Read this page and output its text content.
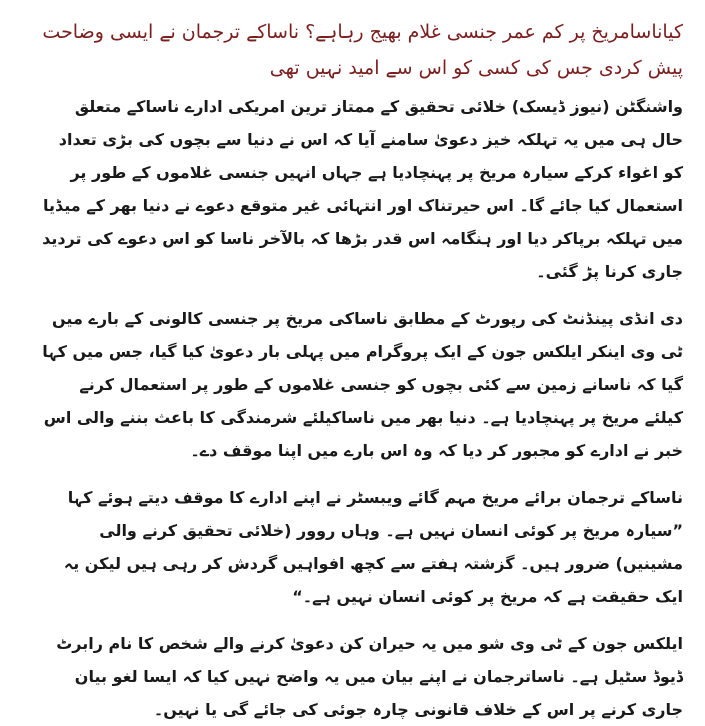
کیاناسامریخ پر کم عمر جنسی غلام بھیج رہاہے؟ ناساکے ترجمان نے ایسی وضاحت پیش کردی جس کی کسی کو اس سے امید نہیں تھی

واشنگٹن (نیوز ڈیسک) خلائی تحقیق کے ممتاز ترین امریکی ادارے ناساکے متعلق حال ہی میں یہ تہلکہ خیز دعویٰ سامنے آیا کہ اس نے دنیا سے بچوں کی بڑی تعداد کو اغواء کرکے سیارہ مریخ پر پہنچادیا ہے جہاں انہیں جنسی غلاموں کے طور پر استعمال کیا جائے گا۔ اس حیرتناک اور انتہائی غیر متوقع دعوے نے دنیا بھر کے میڈیا میں تہلکہ برپاکر دیا اور ہنگامہ اس قدر بڑھا کہ بالآخر ناسا کو اس دعوے کی تردید جاری کرنا پڑ گئی۔

دی انڈی پینڈنٹ کی رپورٹ کے مطابق ناساکی مریخ پر جنسی کالونی کے بارے میں ٹی وی اینکر ایلکس جون کے ایک پروگرام میں پہلی بار دعویٰ کیا گیا، جس میں کہا گیا کہ ناسانے زمین سے کئی بچوں کو جنسی غلاموں کے طور پر استعمال کرنے کیلئے مریخ پر پہنچادیا ہے۔ دنیا بھر میں ناساکیلئے شرمندگی کا باعث بننے والی اس خبر نے ادارے کو مجبور کر دیا کہ وہ اس بارے میں اپنا موقف دے۔

ناساکے ترجمان برائے مریخ مہم گائے ویبسٹر نے اپنے ادارے کا موقف دیتے ہوئے کہا ”سیارہ مریخ پر کوئی انسان نہیں ہے۔ وہاں روور (خلائی تحقیق کرنے والی مشینیں) ضرور ہیں۔ گزشتہ ہفتے سے کچھ افواہیں گردش کر رہی ہیں لیکن یہ ایک حقیقت ہے کہ مریخ پر کوئی انسان نہیں ہے۔“

ایلکس جون کے ٹی وی شو میں یہ حیران کن دعویٰ کرنے والے شخص کا نام رابرٹ ڈیوڈ سٹیل ہے۔ ناساترجمان نے اپنے بیان میں یہ واضح نہیں کیا کہ ایسا لغو بیان جاری کرنے پر اس کے خلاف قانونی چارہ جوئی کی جائے گی یا نہیں۔
